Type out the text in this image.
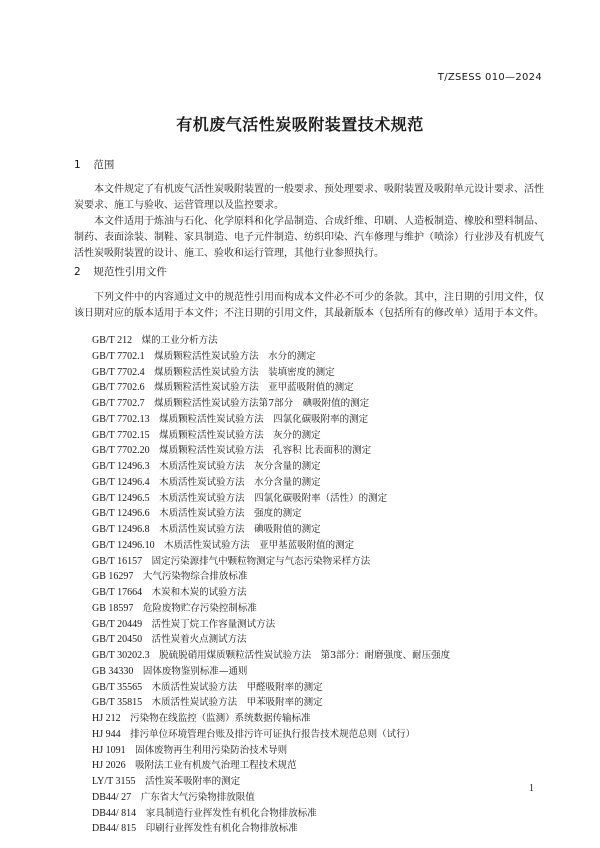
T/ZSESS 010—2024
有机废气活性炭吸附装置技术规范
1 范围
本文件规定了有机废气活性炭吸附装置的一般要求、预处理要求、吸附装置及吸附单元设计要求、活性炭要求、施工与验收、运营管理以及监控要求。
本文件适用于炼油与石化、化学原料和化学品制造、合成纤维、印刷、人造板制造、橡胶和塑料制品、制药、表面涂装、制鞋、家具制造、电子元件制造、纺织印染、汽车修理与维护（喷涂）行业涉及有机废气活性炭吸附装置的设计、施工、验收和运行管理，其他行业参照执行。
2 规范性引用文件
下列文件中的内容通过文中的规范性引用而构成本文件必不可少的条款。其中，注日期的引用文件，仅该日期对应的版本适用于本文件；不注日期的引用文件，其最新版本（包括所有的修改单）适用于本文件。
GB/T 212　 煤的工业分析方法
GB/T 7702.1　 煤质颗粒活性炭试验方法　水分的测定
GB/T 7702.4　 煤质颗粒活性炭试验方法　装填密度的测定
GB/T 7702.6　 煤质颗粒活性炭试验方法　亚甲蓝吸附值的测定
GB/T 7702.7　 煤质颗粒活性炭试验方法第7部分　碘吸附值的测定
GB/T 7702.13　 煤质颗粒活性炭试验方法　四氯化碳吸附率的测定
GB/T 7702.15　 煤质颗粒活性炭试验方法　灰分的测定
GB/T 7702.20　 煤质颗粒活性炭试验方法　孔容积 比表面积的测定
GB/T 12496.3　 木质活性炭试验方法　灰分含量的测定
GB/T 12496.4　 木质活性炭试验方法　水分含量的测定
GB/T 12496.5　 木质活性炭试验方法　四氯化碳吸附率（活性）的测定
GB/T 12496.6　 木质活性炭试验方法　强度的测定
GB/T 12496.8　 木质活性炭试验方法　碘吸附值的测定
GB/T 12496.10　 木质活性炭试验方法　亚甲基蓝吸附值的测定
GB/T 16157　 固定污染源排气中颗粒物测定与气态污染物采样方法
GB 16297　 大气污染物综合排放标准
GB/T 17664　 木炭和木炭的试验方法
GB 18597　 危险废物贮存污染控制标准
GB/T 20449　 活性炭丁烷工作容量测试方法
GB/T 20450　 活性炭着火点测试方法
GB/T 30202.3　 脱硫脱硝用煤质颗粒活性炭试验方法　第3部分：耐磨强度、耐压强度
GB 34330　 固体废物鉴别标准—通则
GB/T 35565　 木质活性炭试验方法　甲醛吸附率的测定
GB/T 35815　 木质活性炭试验方法　甲苯吸附率的测定
HJ 212　 污染物在线监控（监测）系统数据传输标准
HJ 944　 排污单位环境管理台账及排污许可证执行报告技术规范总则（试行）
HJ 1091　 固体废物再生利用污染防治技术导则
HJ 2026　 吸附法工业有机废气治理工程技术规范
LY/T 3155　 活性炭苯吸附率的测定
DB44/ 27　 广东省大气污染物排放限值
DB44/ 814　 家具制造行业挥发性有机化合物排放标准
DB44/ 815　 印刷行业挥发性有机化合物排放标准
1
